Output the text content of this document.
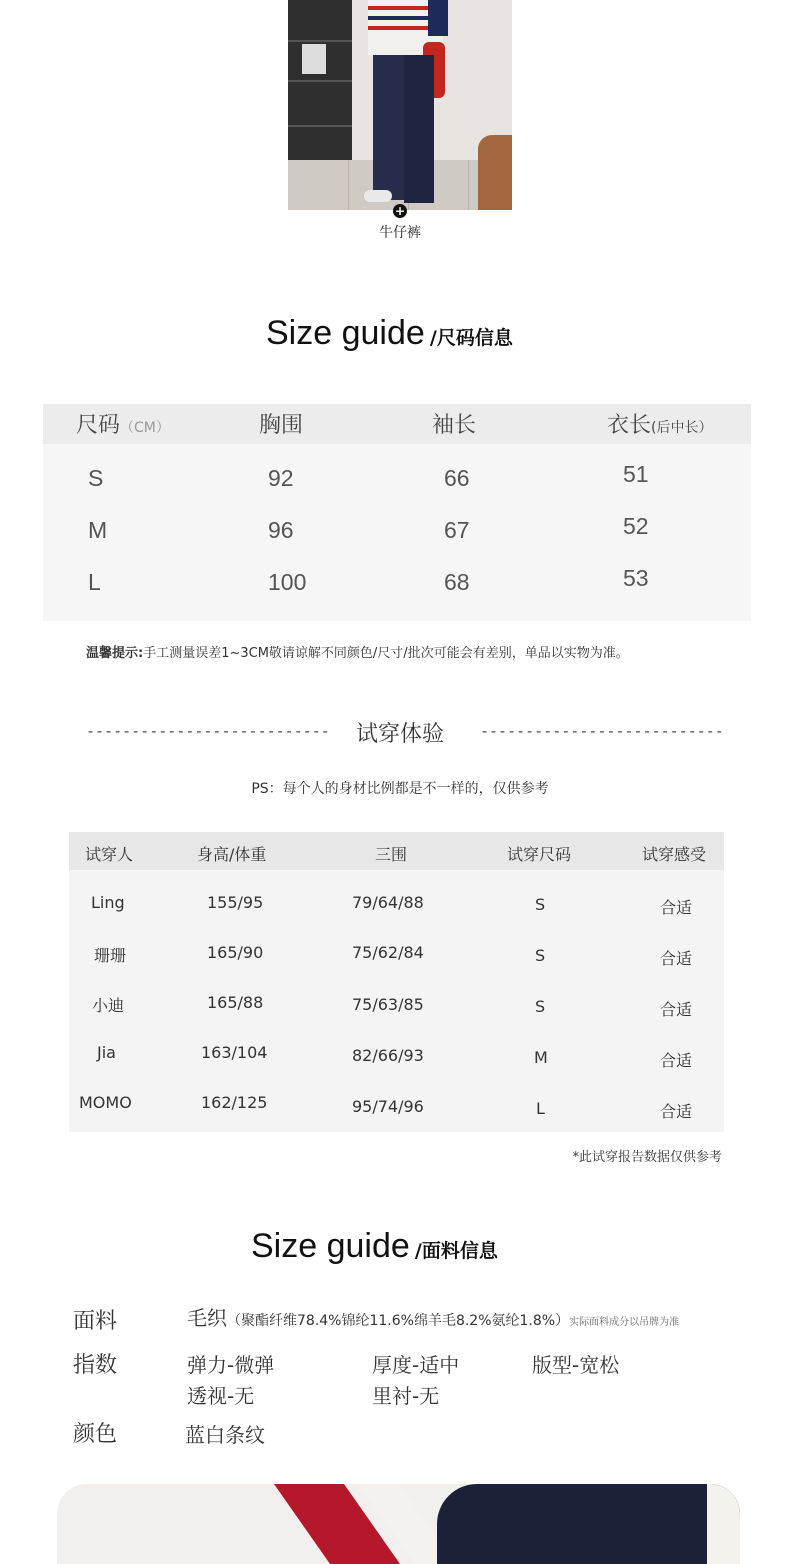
+
牛仔裤
Size guide /尺码信息
尺码（CM）	胸围	袖长	衣长(后中长）
S	92	66	51
M	96	67	52
L	100	68	53
温馨提示:手工测量误差1~3CM敬请谅解不同颜色/尺寸/批次可能会有差别，单品以实物为准。
---------------------------	试穿体验	---------------------------
PS：每个人的身材比例都是不一样的，仅供参考
试穿人	身高/体重	三围	试穿尺码	试穿感受
Ling	155/95	79/64/88	S	合适
珊珊	165/90	75/62/84	S	合适
小迪	165/88	75/63/85	S	合适
Jia	163/104	82/66/93	M	合适
MOMO	162/125	95/74/96	L	合适
*此试穿报告数据仅供参考
Size guide /面料信息
面料	毛织（聚酯纤维78.4%锦纶11.6%绵羊毛8.2%氨纶1.8%）实际面料成分以吊牌为准
指数	弹力-微弹	厚度-适中	版型-宽松
透视-无	里衬-无
颜色	蓝白条纹
